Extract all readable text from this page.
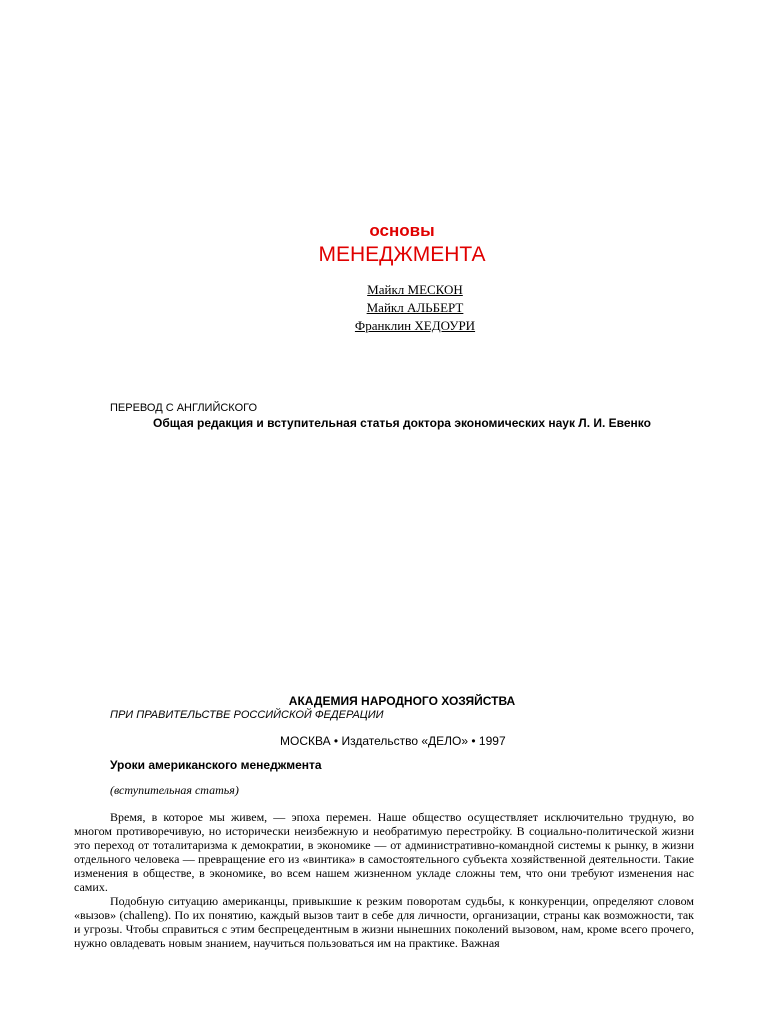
основы
МЕНЕДЖМЕНТА
Майкл МЕСКОН
Майкл АЛЬБЕРТ
Франклин ХЕДОУРИ
ПЕРЕВОД С АНГЛИЙСКОГО
Общая редакция и вступительная статья доктора экономических наук Л. И. Евенко
АКАДЕМИЯ НАРОДНОГО ХОЗЯЙСТВА
ПРИ ПРАВИТЕЛЬСТВЕ РОССИЙСКОЙ ФЕДЕРАЦИИ
МОСКВА • Издательство «ДЕЛО» • 1997
Уроки американского менеджмента
(вступительная статья)

Время, в которое мы живем, — эпоха перемен. Наше общество осуществляет исключительно трудную, во многом противоречивую, но исторически неизбежную и необратимую перестройку. В социально-политической жизни это переход от тоталитаризма к демократии, в экономике — от административно-командной системы к рынку, в жизни отдельного человека — превращение его из «винтика» в самостоятельного субъекта хозяйственной деятельности. Такие изменения в обществе, в экономике, во всем нашем жизненном укладе сложны тем, что они требуют изменения нас самих.

Подобную ситуацию американцы, привыкшие к резким поворотам судьбы, к конкуренции, определяют словом «вызов» (challeng). По их понятию, каждый вызов таит в себе для личности, организации, страны как возможности, так и угрозы. Чтобы справиться с этим беспрецедентным в жизни нынешних поколений вызовом, нам, кроме всего прочего, нужно овладевать новым знанием, научиться пользоваться им на практике. Важная
